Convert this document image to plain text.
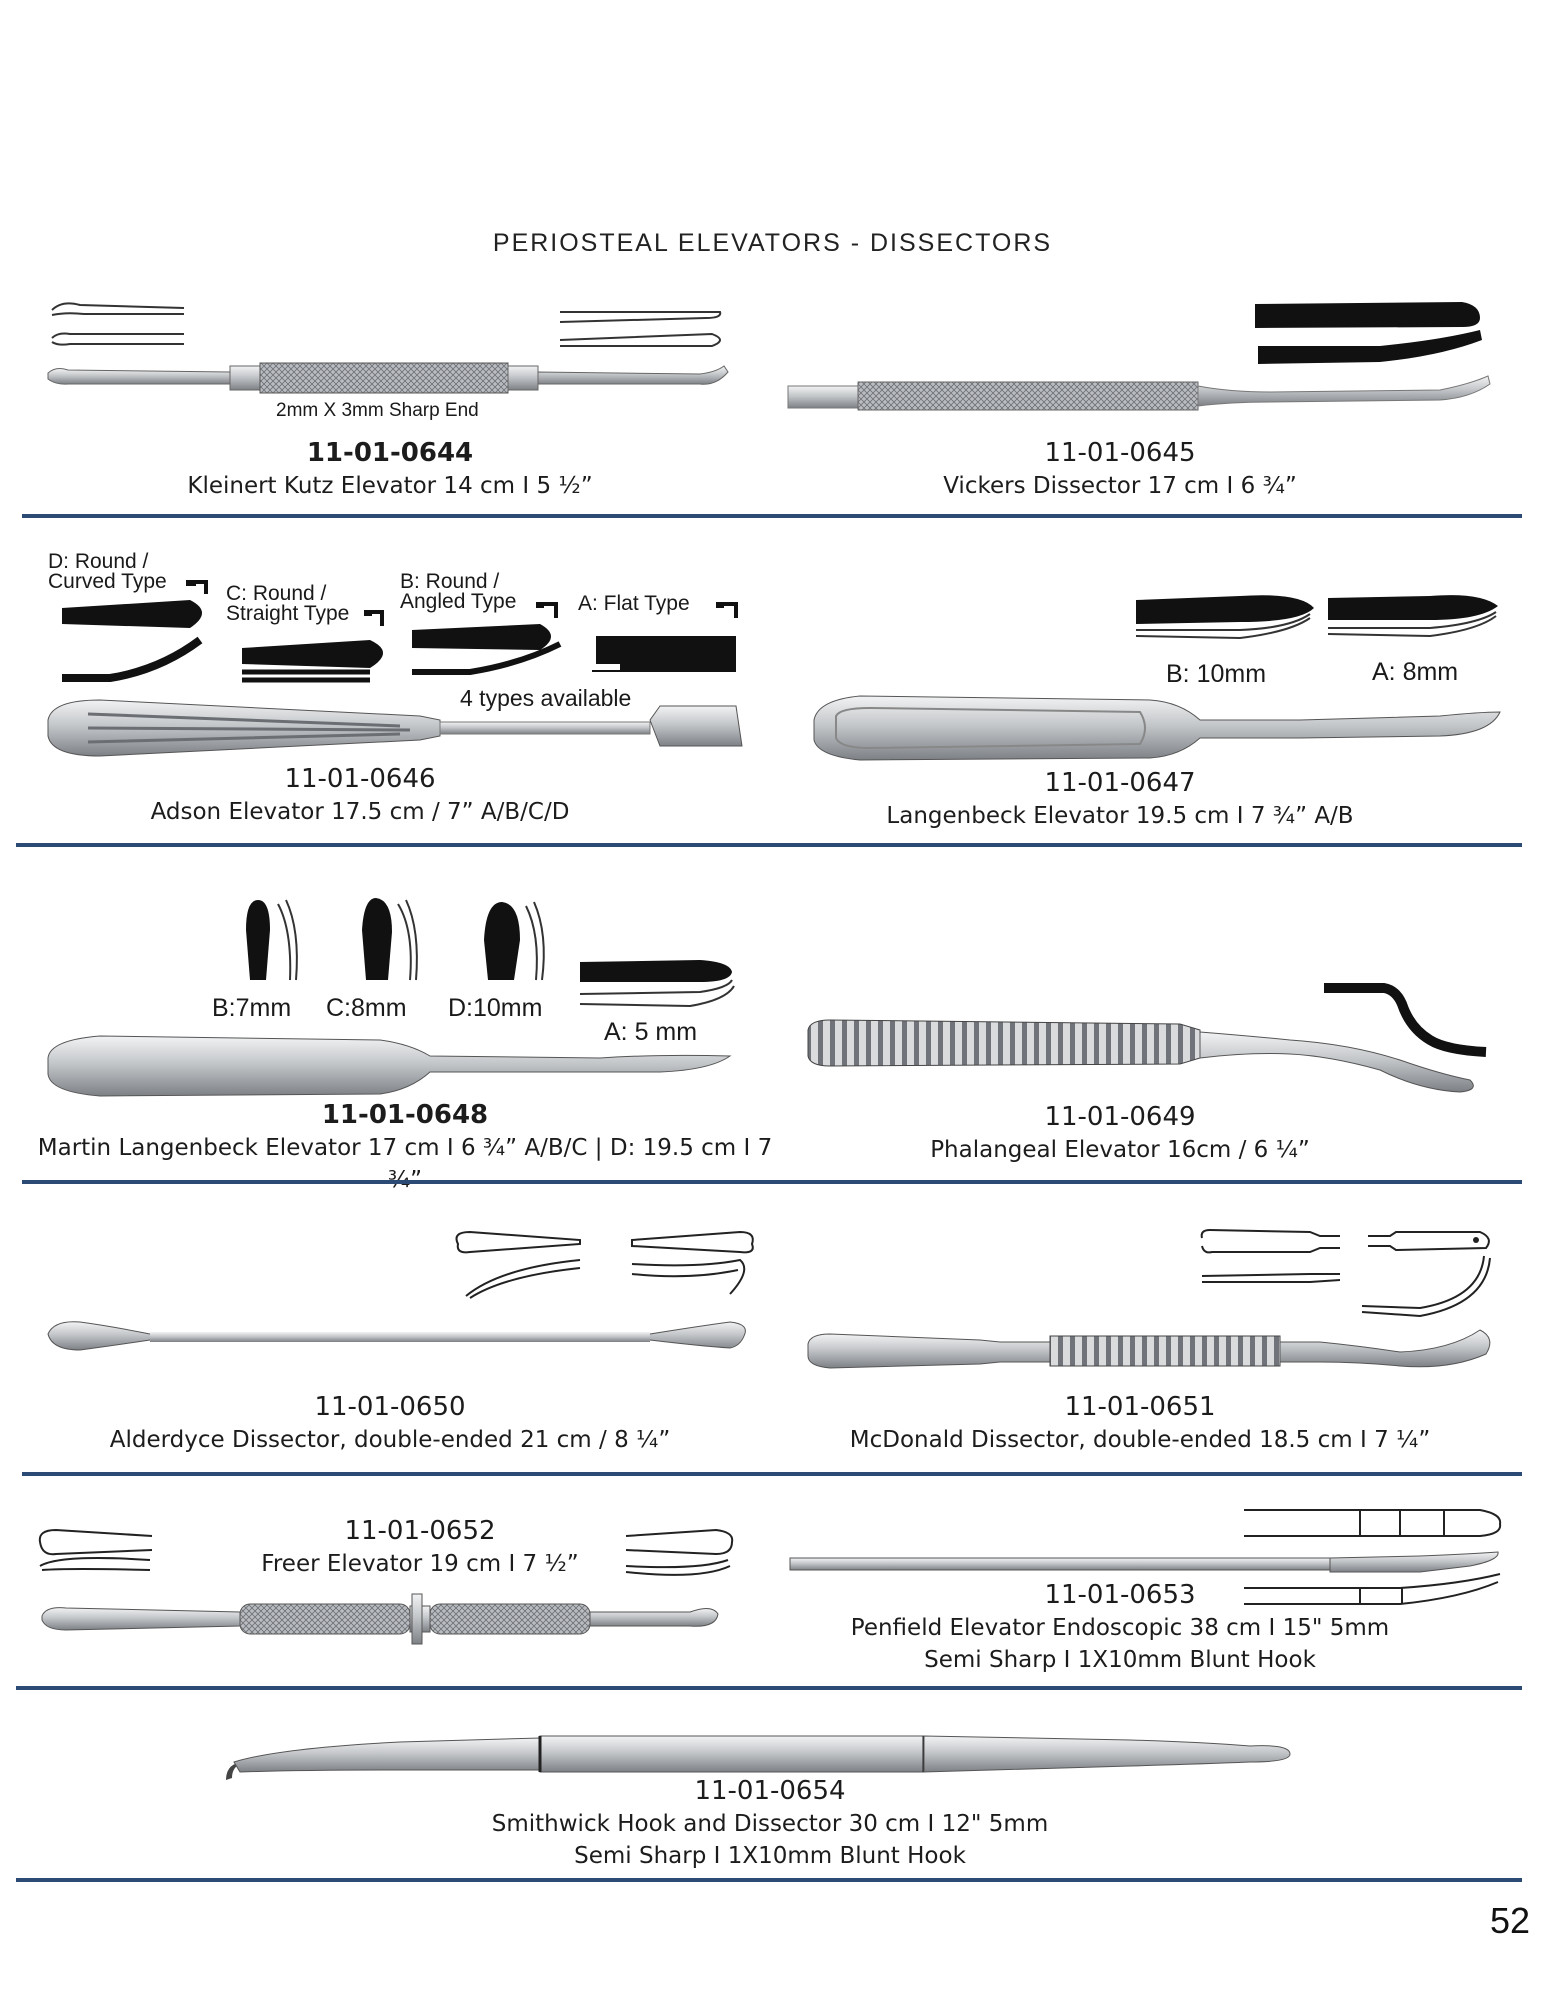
PERIOSTEAL ELEVATORS - DISSECTORS
2mm X 3mm Sharp End
D: Round /
Curved Type
C: Round /
Straight Type
B: Round /
Angled Type	A: Flat Type
4 types available
B: 10mm	A: 8mm
B:7mm C:8mm D:10mm
A: 5 mm
11-01-0644
Kleinert Kutz Elevator 14 cm I 5 ½”
11-01-0645
Vickers Dissector 17 cm I 6 ¾”
11-01-0646
Adson Elevator 17.5 cm / 7” A/B/C/D
11-01-0647
Langenbeck Elevator 19.5 cm I 7 ¾” A/B
11-01-0648
Martin Langenbeck Elevator 17 cm I 6 ¾” A/B/C | D: 19.5 cm I 7
11-01-0649
Phalangeal Elevator 16cm / 6 ¼”
11-01-0650
Alderdyce Dissector, double-ended 21 cm / 8 ¼”
11-01-0651
McDonald Dissector, double-ended 18.5 cm I 7 ¼”
11-01-0652
Freer Elevator 19 cm I 7 ½”
11-01-0653
Penfield Elevator Endoscopic 38 cm I 15" 5mm Semi Sharp I 1X10mm Blunt Hook
11-01-0654
Smithwick Hook and Dissector 30 cm I 12" 5mm Semi Sharp I 1X10mm Blunt Hook
52
